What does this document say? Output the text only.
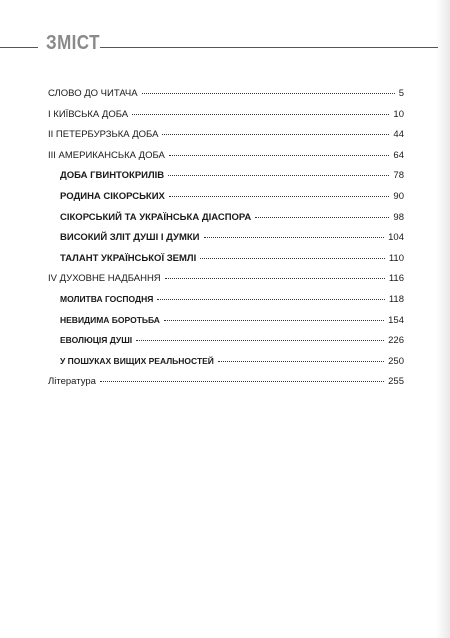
ЗМІСТ
СЛОВО ДО ЧИТАЧА	5
I КИЇВСЬКА ДОБА	10
II ПЕТЕРБУРЗЬКА ДОБА	44
III АМЕРИКАНСЬКА ДОБА	64
ДОБА ГВИНТОКРИЛІВ	78
РОДИНА СІКОРСЬКИХ	90
СІКОРСЬКИЙ ТА УКРАЇНСЬКА ДІАСПОРА	98
ВИСОКИЙ ЗЛІТ ДУШІ І ДУМКИ	104
ТАЛАНТ УКРАЇНСЬКОЇ ЗЕМЛІ	110
IV ДУХОВНЕ НАДБАННЯ	116
МОЛИТВА ГОСПОДНЯ	118
НЕВИДИМА БОРОТЬБА	154
ЕВОЛЮЦІЯ ДУШІ	226
У ПОШУКАХ ВИЩИХ РЕАЛЬНОСТЕЙ	250
Література	255
